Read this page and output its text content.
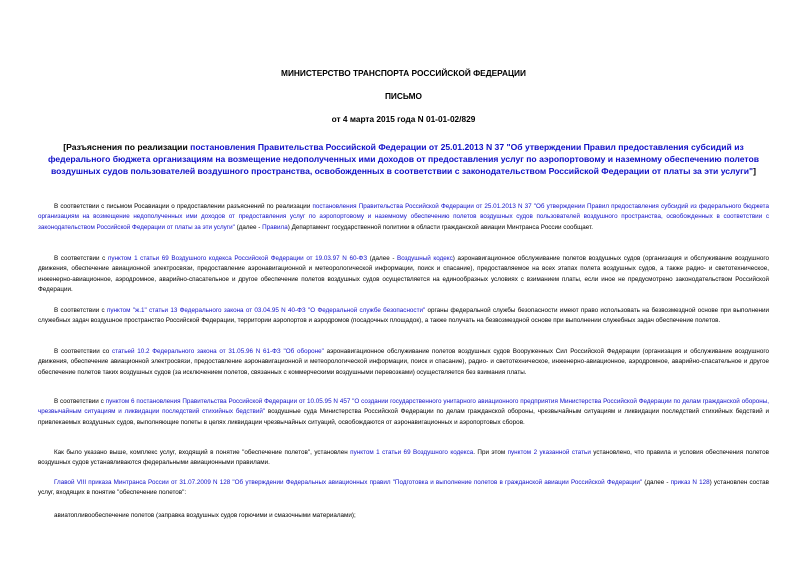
МИНИСТЕРСТВО ТРАНСПОРТА РОССИЙСКОЙ ФЕДЕРАЦИИ
ПИСЬМО
от 4 марта 2015 года N 01-01-02/829
[Разъяснения по реализации постановления Правительства Российской Федерации от 25.01.2013 N 37 "Об утверждении Правил предоставления субсидий из федерального бюджета организациям на возмещение недополученных ими доходов от предоставления услуг по аэропортовому и наземному обеспечению полетов воздушных судов пользователей воздушного пространства, освобожденных в соответствии с законодательством Российской Федерации от платы за эти услуги"]
В соответствии с письмом Росавиации о предоставлении разъяснений по реализации постановления Правительства Российской Федерации от 25.01.2013 N 37 "Об утверждении Правил предоставления субсидий из федерального бюджета организациям на возмещение недополученных ими доходов от предоставления услуг по аэропортовому и наземному обеспечению полетов воздушных судов пользователей воздушного пространства, освобожденных в соответствии с законодательством Российской Федерации от платы за эти услуги" (далее - Правила) Департамент государственной политики в области гражданской авиации Минтранса России сообщает.
В соответствии с пунктом 1 статьи 69 Воздушного кодекса Российской Федерации от 19.03.97 N 60-ФЗ (далее - Воздушный кодекс) аэронавигационное обслуживание полетов воздушных судов (организация и обслуживание воздушного движения, обеспечение авиационной электросвязи, предоставление аэронавигационной и метеорологической информации, поиск и спасание), предоставляемое на всех этапах полета воздушных судов, а также радио- и светотехническое, инженерно-авиационное, аэродромное, аварийно-спасательное и другое обеспечение полетов воздушных судов осуществляется на единообразных условиях с взиманием платы, если иное не предусмотрено законодательством Российской Федерации.
В соответствии с пунктом "ж.1" статьи 13 Федерального закона от 03.04.95 N 40-ФЗ "О Федеральной службе безопасности" органы федеральной службы безопасности имеют право использовать на безвозмездной основе при выполнении служебных задач воздушное пространство Российской Федерации, территории аэропортов и аэродромов (посадочных площадок), а также получать на безвозмездной основе при выполнении служебных задач обеспечение полетов.
В соответствии со статьей 10.2 Федерального закона от 31.05.96 N 61-ФЗ "Об обороне" аэронавигационное обслуживание полетов воздушных судов Вооруженных Сил Российской Федерации (организация и обслуживание воздушного движения, обеспечение авиационной электросвязи, предоставление аэронавигационной и метеорологической информации, поиск и спасание), радио- и светотехническое, инженерно-авиационное, аэродромное, аварийно-спасательное и другое обеспечение полетов таких воздушных судов (за исключением полетов, связанных с коммерческими воздушными перевозками) осуществляется без взимания платы.
В соответствии с пунктом 6 постановления Правительства Российской Федерации от 10.05.95 N 457 "О создании государственного унитарного авиационного предприятия Министерства Российской Федерации по делам гражданской обороны, чрезвычайным ситуациям и ликвидации последствий стихийных бедствий" воздушные суда Министерства Российской Федерации по делам гражданской обороны, чрезвычайным ситуациям и ликвидации последствий стихийных бедствий и привлекаемых воздушных судов, выполняющие полеты в целях ликвидации чрезвычайных ситуаций, освобождаются от аэронавигационных и аэропортовых сборов.
Как было указано выше, комплекс услуг, входящий в понятие "обеспечение полетов", установлен пунктом 1 статьи 69 Воздушного кодекса. При этом пунктом 2 указанной статьи установлено, что правила и условия обеспечения полетов воздушных судов устанавливаются федеральными авиационными правилами.
Главой VIII приказа Минтранса России от 31.07.2009 N 128 "Об утверждении Федеральных авиационных правил "Подготовка и выполнение полетов в гражданской авиации Российской Федерации" (далее - приказ N 128) установлен состав услуг, входящих в понятие "обеспечение полетов":
авиатопливообеспечение полетов (заправка воздушных судов горючими и смазочными материалами);
